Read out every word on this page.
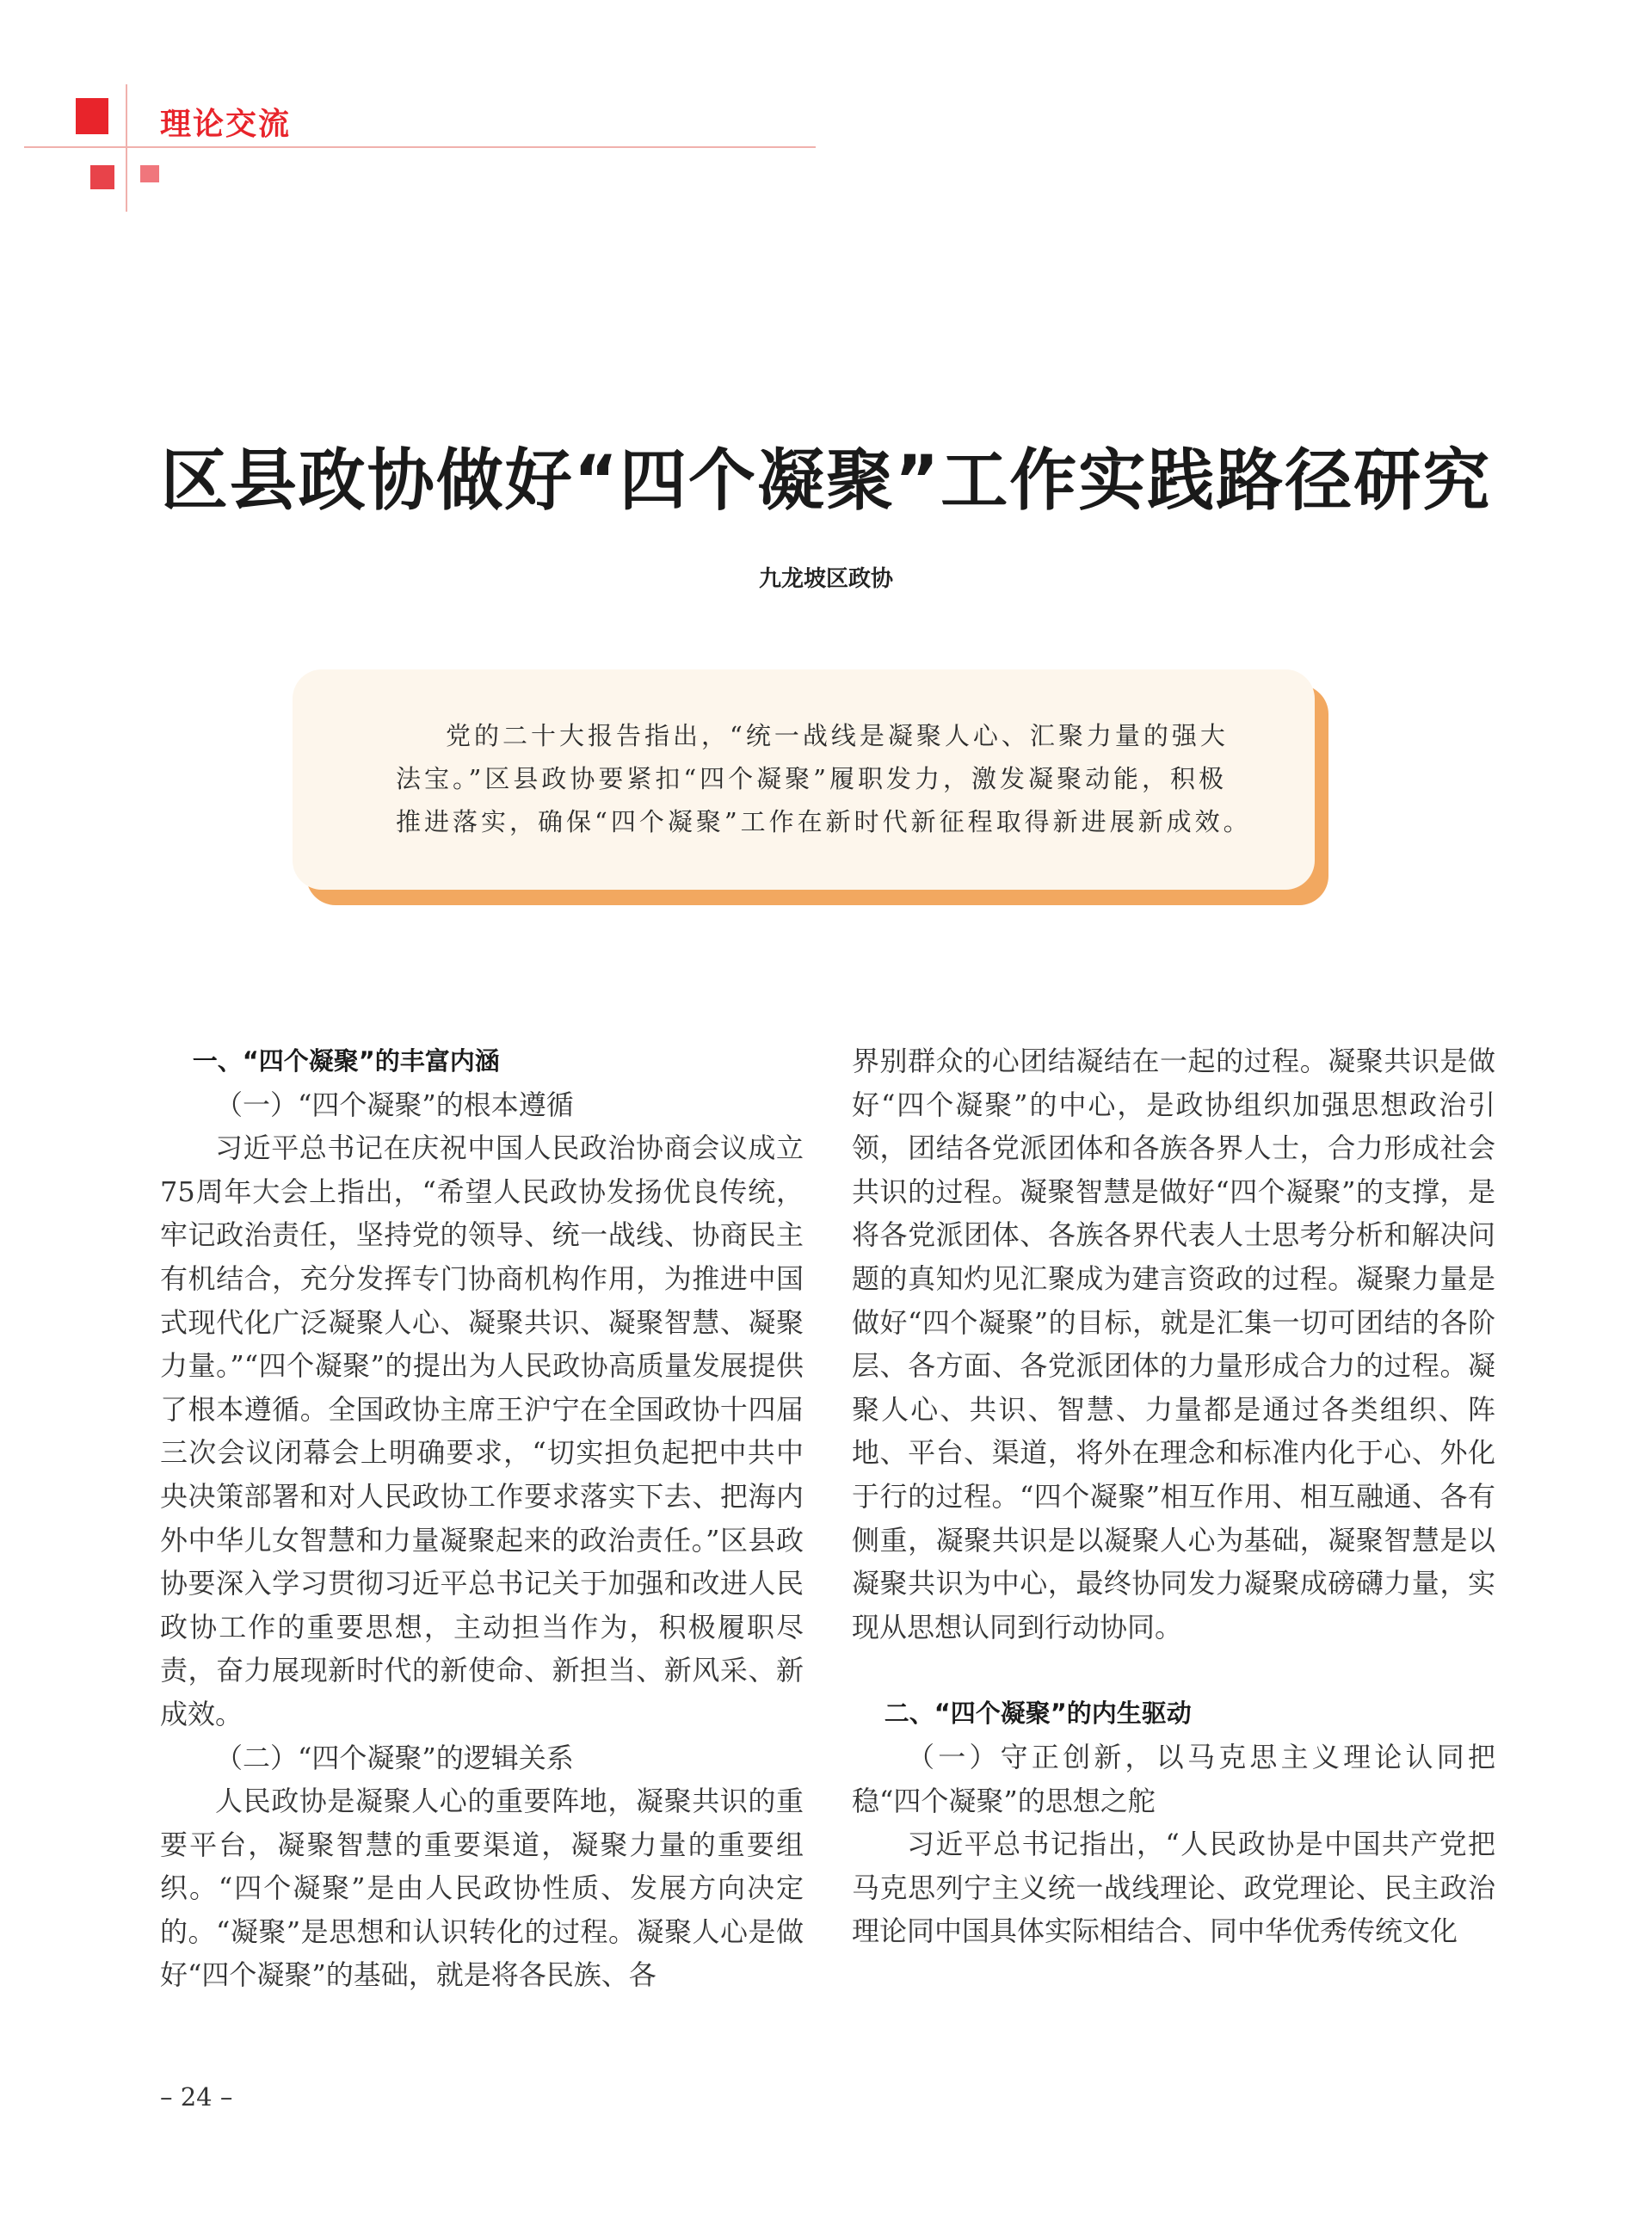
理论交流
区县政协做好“四个凝聚”工作实践路径研究
九龙坡区政协

党的二十大报告指出，“统一战线是凝聚人心、汇聚力量的强大法宝。”区县政协要紧扣“四个凝聚”履职发力，激发凝聚动能，积极推进落实，确保“四个凝聚”工作在新时代新征程取得新进展新成效。

一、“四个凝聚”的丰富内涵

（一）“四个凝聚”的根本遵循

习近平总书记在庆祝中国人民政治协商会议成立75周年大会上指出，“希望人民政协发扬优良传统，牢记政治责任，坚持党的领导、统一战线、协商民主有机结合，充分发挥专门协商机构作用，为推进中国式现代化广泛凝聚人心、凝聚共识、凝聚智慧、凝聚力量。”“四个凝聚”的提出为人民政协高质量发展提供了根本遵循。全国政协主席王沪宁在全国政协十四届三次会议闭幕会上明确要求，“切实担负起把中共中央决策部署和对人民政协工作要求落实下去、把海内外中华儿女智慧和力量凝聚起来的政治责任。”区县政协要深入学习贯彻习近平总书记关于加强和改进人民政协工作的重要思想，主动担当作为，积极履职尽责，奋力展现新时代的新使命、新担当、新风采、新成效。

（二）“四个凝聚”的逻辑关系

人民政协是凝聚人心的重要阵地，凝聚共识的重要平台，凝聚智慧的重要渠道，凝聚力量的重要组织。“四个凝聚”是由人民政协性质、发展方向决定的。“凝聚”是思想和认识转化的过程。凝聚人心是做好“四个凝聚”的基础，就是将各民族、各

界别群众的心团结凝结在一起的过程。凝聚共识是做好“四个凝聚”的中心，是政协组织加强思想政治引领，团结各党派团体和各族各界人士，合力形成社会共识的过程。凝聚智慧是做好“四个凝聚”的支撑，是将各党派团体、各族各界代表人士思考分析和解决问题的真知灼见汇聚成为建言资政的过程。凝聚力量是做好“四个凝聚”的目标，就是汇集一切可团结的各阶层、各方面、各党派团体的力量形成合力的过程。凝聚人心、共识、智慧、力量都是通过各类组织、阵地、平台、渠道，将外在理念和标准内化于心、外化于行的过程。“四个凝聚”相互作用、相互融通、各有侧重，凝聚共识是以凝聚人心为基础，凝聚智慧是以凝聚共识为中心，最终协同发力凝聚成磅礴力量，实现从思想认同到行动协同。

二、“四个凝聚”的内生驱动

（一）守正创新，以马克思主义理论认同把稳“四个凝聚”的思想之舵

习近平总书记指出，“人民政协是中国共产党把马克思列宁主义统一战线理论、政党理论、民主政治理论同中国具体实际相结合、同中华优秀传统文化

– 24 –
